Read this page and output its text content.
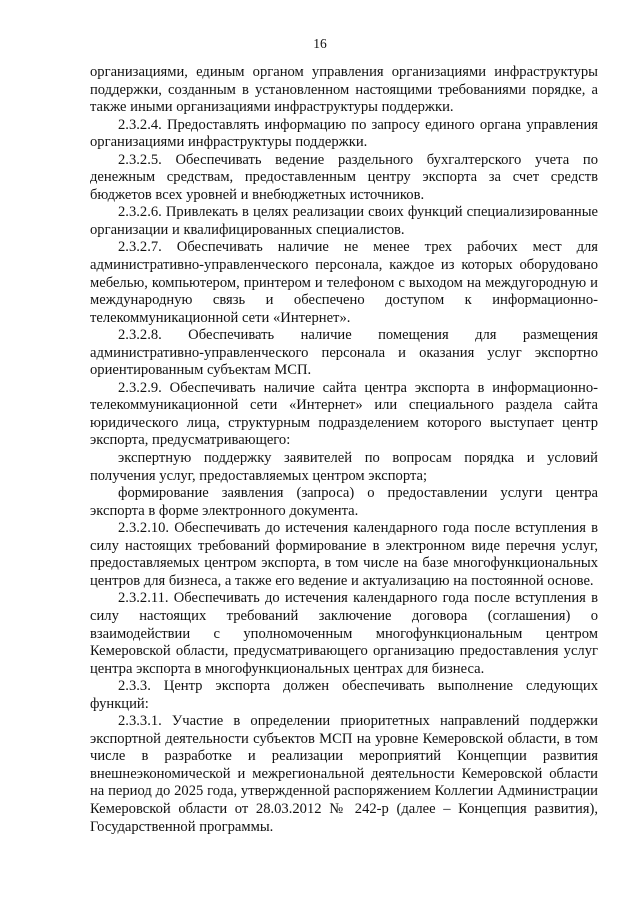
16

организациями, единым органом управления организациями инфраструктуры поддержки, созданным в установленном настоящими требованиями порядке, а также иными организациями инфраструктуры поддержки.

2.3.2.4. Предоставлять информацию по запросу единого органа управления организациями инфраструктуры поддержки.

2.3.2.5. Обеспечивать ведение раздельного бухгалтерского учета по денежным средствам, предоставленным центру экспорта за счет средств бюджетов всех уровней и внебюджетных источников.

2.3.2.6. Привлекать в целях реализации своих функций специализированные организации и квалифицированных специалистов.

2.3.2.7. Обеспечивать наличие не менее трех рабочих мест для административно-управленческого персонала, каждое из которых оборудовано мебелью, компьютером, принтером и телефоном с выходом на междугородную и международную связь и обеспечено доступом к информационно-телекоммуникационной сети «Интернет».

2.3.2.8. Обеспечивать наличие помещения для размещения административно-управленческого персонала и оказания услуг экспортно ориентированным субъектам МСП.

2.3.2.9. Обеспечивать наличие сайта центра экспорта в информационно-телекоммуникационной сети «Интернет» или специального раздела сайта юридического лица, структурным подразделением которого выступает центр экспорта, предусматривающего:

экспертную поддержку заявителей по вопросам порядка и условий получения услуг, предоставляемых центром экспорта;

формирование заявления (запроса) о предоставлении услуги центра экспорта в форме электронного документа.

2.3.2.10. Обеспечивать до истечения календарного года после вступления в силу настоящих требований формирование в электронном виде перечня услуг, предоставляемых центром экспорта, в том числе на базе многофункциональных центров для бизнеса, а также его ведение и актуализацию на постоянной основе.

2.3.2.11. Обеспечивать до истечения календарного года после вступления в силу настоящих требований заключение договора (соглашения) о взаимодействии с уполномоченным многофункциональным центром Кемеровской области, предусматривающего организацию предоставления услуг центра экспорта в многофункциональных центрах для бизнеса.

2.3.3. Центр экспорта должен обеспечивать выполнение следующих функций:

2.3.3.1. Участие в определении приоритетных направлений поддержки экспортной деятельности субъектов МСП на уровне Кемеровской области, в том числе в разработке и реализации мероприятий Концепции развития внешнеэкономической и межрегиональной деятельности Кемеровской области на период до 2025 года, утвержденной распоряжением Коллегии Администрации Кемеровской области от 28.03.2012 № 242-р (далее – Концепция развития), Государственной программы.
